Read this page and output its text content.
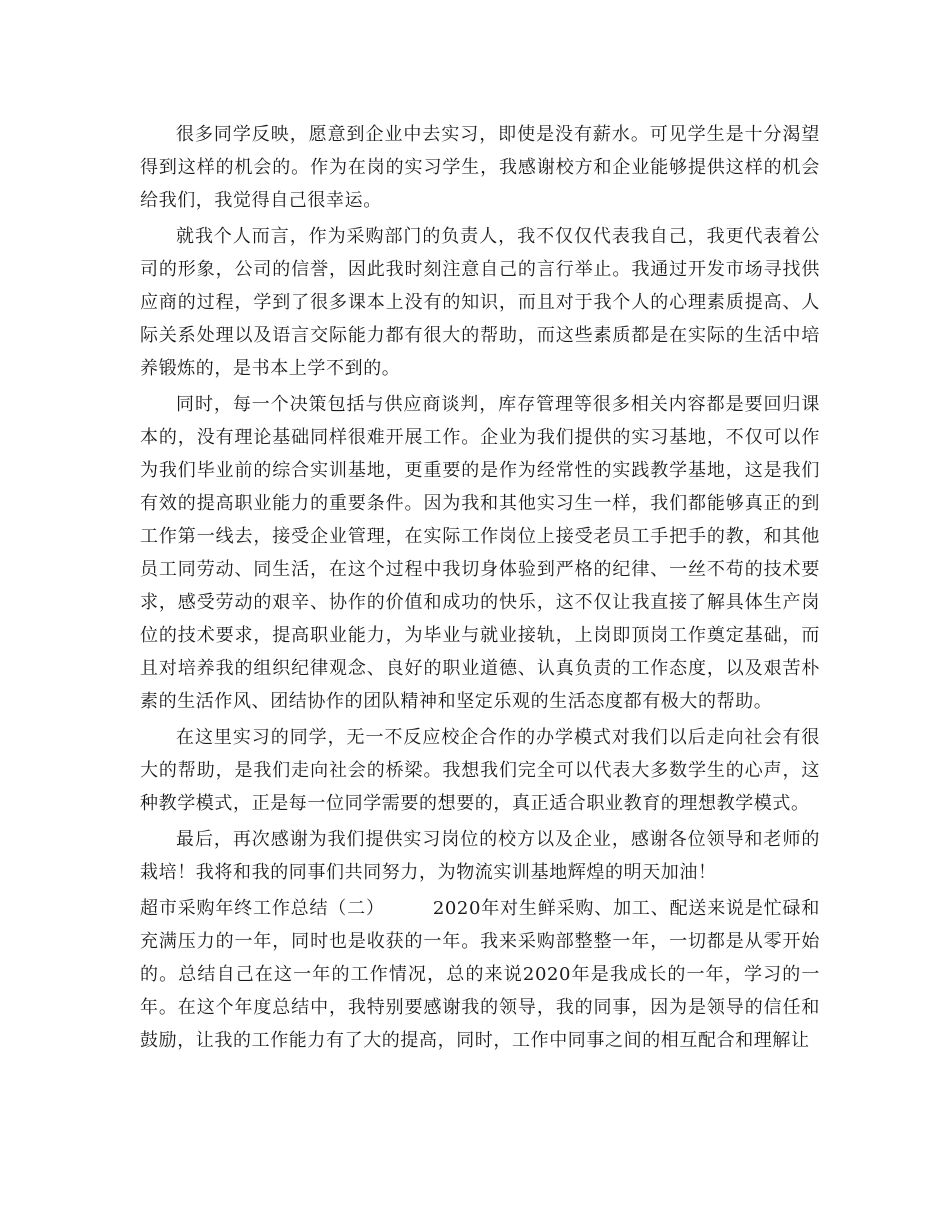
很多同学反映，愿意到企业中去实习，即使是没有薪水。可见学生是十分渴望得到这样的机会的。作为在岗的实习学生，我感谢校方和企业能够提供这样的机会给我们，我觉得自己很幸运。

就我个人而言，作为采购部门的负责人，我不仅仅代表我自己，我更代表着公司的形象，公司的信誉，因此我时刻注意自己的言行举止。我通过开发市场寻找供应商的过程，学到了很多课本上没有的知识，而且对于我个人的心理素质提高、人际关系处理以及语言交际能力都有很大的帮助，而这些素质都是在实际的生活中培养锻炼的，是书本上学不到的。

同时，每一个决策包括与供应商谈判，库存管理等很多相关内容都是要回归课本的，没有理论基础同样很难开展工作。企业为我们提供的实习基地，不仅可以作为我们毕业前的综合实训基地，更重要的是作为经常性的实践教学基地，这是我们有效的提高职业能力的重要条件。因为我和其他实习生一样，我们都能够真正的到工作第一线去，接受企业管理，在实际工作岗位上接受老员工手把手的教，和其他员工同劳动、同生活，在这个过程中我切身体验到严格的纪律、一丝不苟的技术要求，感受劳动的艰辛、协作的价值和成功的快乐，这不仅让我直接了解具体生产岗位的技术要求，提高职业能力，为毕业与就业接轨，上岗即顶岗工作奠定基础，而且对培养我的组织纪律观念、良好的职业道德、认真负责的工作态度，以及艰苦朴素的生活作风、团结协作的团队精神和坚定乐观的生活态度都有极大的帮助。

在这里实习的同学，无一不反应校企合作的办学模式对我们以后走向社会有很大的帮助，是我们走向社会的桥梁。我想我们完全可以代表大多数学生的心声，这种教学模式，正是每一位同学需要的想要的，真正适合职业教育的理想教学模式。

最后，再次感谢为我们提供实习岗位的校方以及企业，感谢各位领导和老师的栽培！我将和我的同事们共同努力，为物流实训基地辉煌的明天加油！

超市采购年终工作总结（二）	2020年对生鲜采购、加工、配送来说是忙碌和充满压力的一年，同时也是收获的一年。我来采购部整整一年，一切都是从零开始的。总结自己在这一年的工作情况，总的来说2020年是我成长的一年，学习的一年。在这个年度总结中，我特别要感谢我的领导，我的同事，因为是领导的信任和鼓励，让我的工作能力有了大的提高，同时，工作中同事之间的相互配合和理解让
